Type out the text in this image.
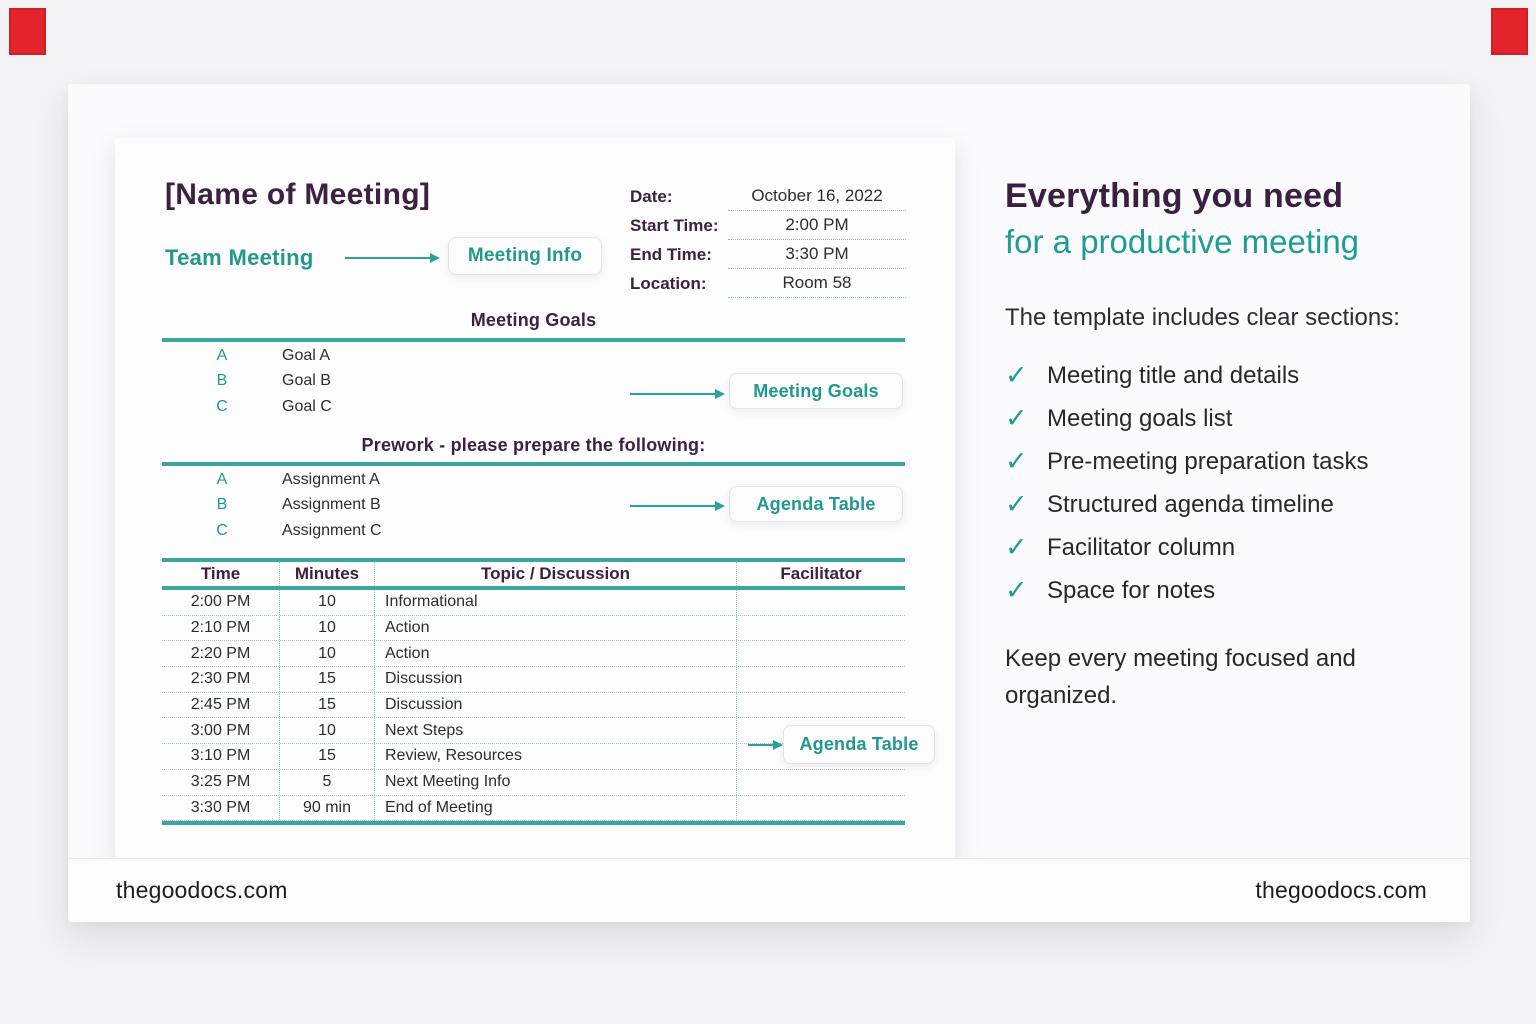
[Name of Meeting]
Team Meeting	Meeting Info
Meeting Goals
Agenda Table
Agenda Table
Date:	October 16, 2022
Start Time:	2:00 PM
End Time:	3:30 PM
Location:	Room 58
Meeting Goals
A	Goal A
B	Goal B
C	Goal C
Prework - please prepare the following:
A	Assignment A
B	Assignment B
C	Assignment C
Time	Minutes	Topic / Discussion	Facilitator
2:00 PM	10	Informational
2:10 PM	10	Action
2:20 PM	10	Action
2:30 PM	15	Discussion
2:45 PM	15	Discussion
3:00 PM	10	Next Steps
3:10 PM	15	Review, Resources
3:25 PM	5	Next Meeting Info
3:30 PM	90 min	End of Meeting
Everything you need
for a productive meeting

The template includes clear sections:

✓ Meeting title and details
✓ Meeting goals list
✓ Pre-meeting preparation tasks
✓ Structured agenda timeline
✓ Facilitator column
✓ Space for notes

Keep every meeting focused and organized.

thegoodocs.com	thegoodocs.com
